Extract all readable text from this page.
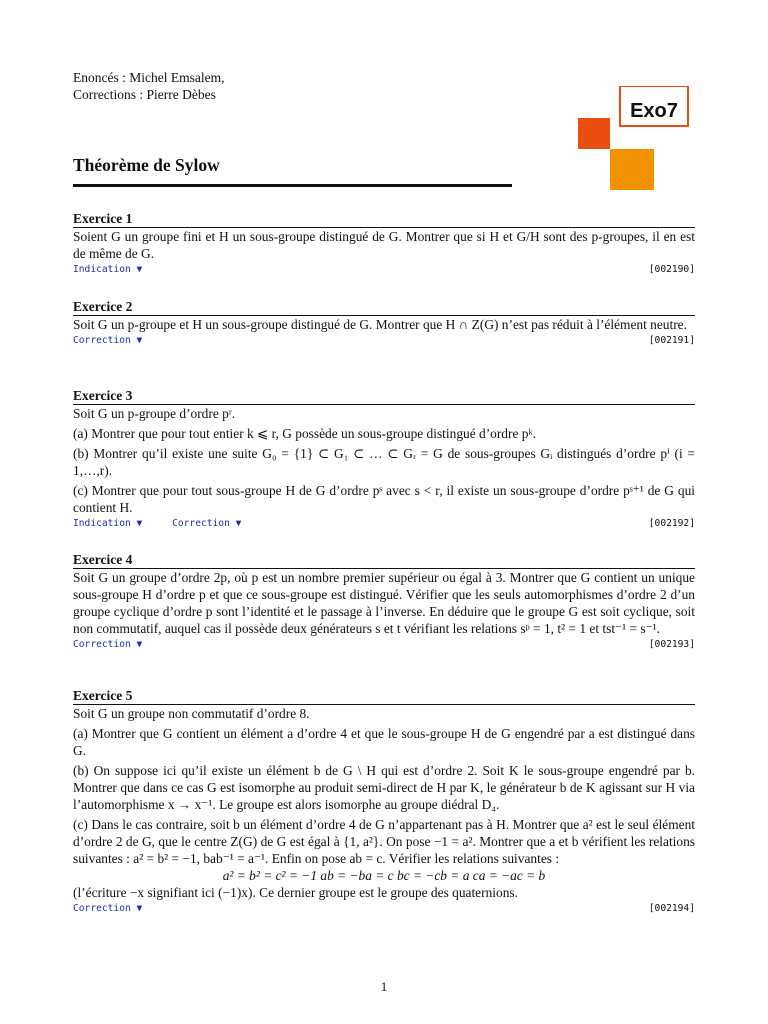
Enoncés : Michel Emsalem,
Corrections : Pierre Dèbes
Exo7
Théorème de Sylow
Exercice 1

Soient G un groupe fini et H un sous-groupe distingué de G. Montrer que si H et G/H sont des p-groupes, il en est de même de G.

Indication ▼	[002190]
Exercice 2

Soit G un p-groupe et H un sous-groupe distingué de G. Montrer que H ∩ Z(G) n’est pas réduit à l’élément neutre.

Correction ▼	[002191]
Exercice 3

Soit G un p-groupe d’ordre pʳ.

(a) Montrer que pour tout entier k ⩽ r, G possède un sous-groupe distingué d’ordre pᵏ.

(b) Montrer qu’il existe une suite G₀ = {1} ⊂ G₁ ⊂ … ⊂ Gᵣ = G de sous-groupes Gᵢ distingués d’ordre pⁱ (i = 1,…,r).

(c) Montrer que pour tout sous-groupe H de G d’ordre pˢ avec s < r, il existe un sous-groupe d’ordre pˢ⁺¹ de G qui contient H.

Indication ▼	Correction ▼	[002192]
Exercice 4

Soit G un groupe d’ordre 2p, où p est un nombre premier supérieur ou égal à 3. Montrer que G contient un unique sous-groupe H d’ordre p et que ce sous-groupe est distingué. Vérifier que les seuls automorphismes d’ordre 2 d’un groupe cyclique d’ordre p sont l’identité et le passage à l’inverse. En déduire que le groupe G est soit cyclique, soit non commutatif, auquel cas il possède deux générateurs s et t vérifiant les relations sᵖ = 1, t² = 1 et tst⁻¹ = s⁻¹.

Correction ▼	[002193]
Exercice 5

Soit G un groupe non commutatif d’ordre 8.

(a) Montrer que G contient un élément a d’ordre 4 et que le sous-groupe H de G engendré par a est distingué dans G.

(b) On suppose ici qu’il existe un élément b de G \ H qui est d’ordre 2. Soit K le sous-groupe engendré par b. Montrer que dans ce cas G est isomorphe au produit semi-direct de H par K, le générateur b de K agissant sur H via l’automorphisme x → x⁻¹. Le groupe est alors isomorphe au groupe diédral D₄.

(c) Dans le cas contraire, soit b un élément d’ordre 4 de G n’appartenant pas à H. Montrer que a² est le seul élément d’ordre 2 de G, que le centre Z(G) de G est égal à {1, a²}. On pose −1 = a². Montrer que a et b vérifient les relations suivantes : a² = b² = −1, bab⁻¹ = a⁻¹. Enfin on pose ab = c. Vérifier les relations suivantes :

a² = b² = c² = −1 ab = −ba = c bc = −cb = a ca = −ac = b

(l’écriture −x signifiant ici (−1)x). Ce dernier groupe est le groupe des quaternions.

Correction ▼	[002194]
1
